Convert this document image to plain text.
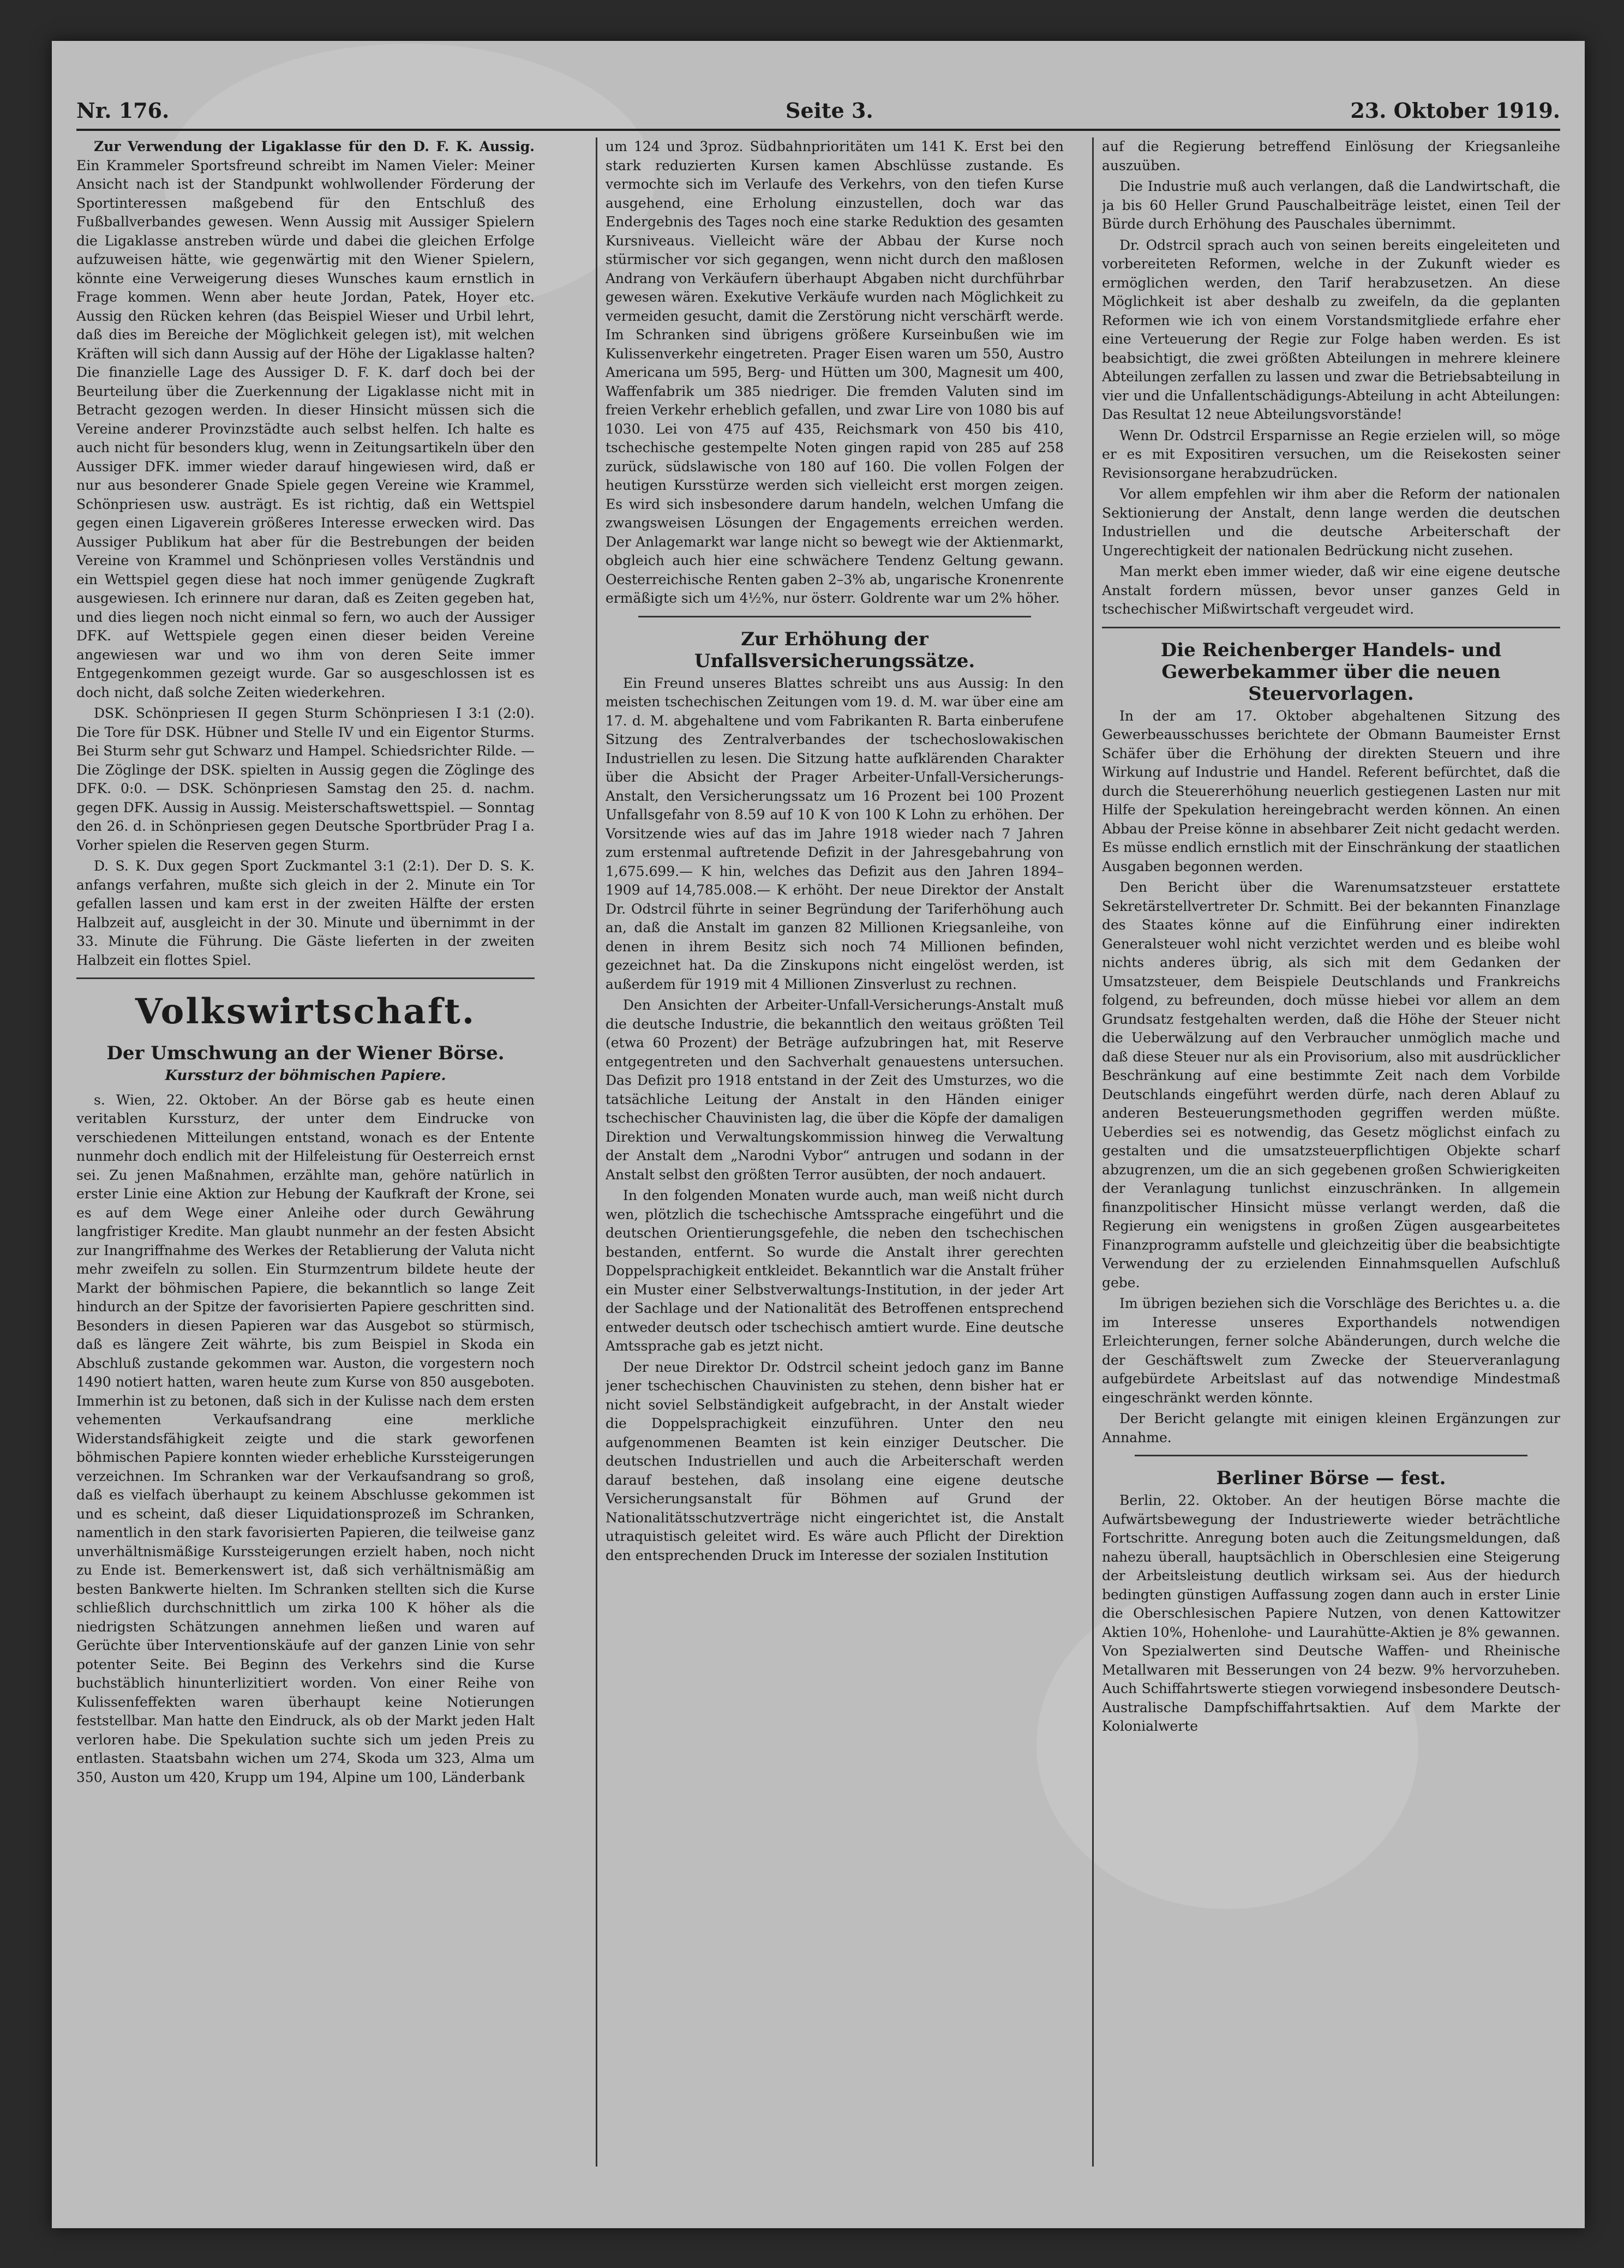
Nr. 176.	Seite 3.	23. Oktober 1919.

Zur Verwendung der Ligaklasse für den D. F. K. Aussig. Ein Krammeler Sportsfreund schreibt im Namen Vieler: Meiner Ansicht nach ist der Standpunkt wohlwollender Förderung der Sportinteressen maßgebend für den Entschluß des Fußballverbandes gewesen. Wenn Aussig mit Aussiger Spielern die Ligaklasse anstreben würde und dabei die gleichen Erfolge aufzuweisen hätte, wie gegenwärtig mit den Wiener Spielern, könnte eine Verweigerung dieses Wunsches kaum ernstlich in Frage kommen. Wenn aber heute Jordan, Patek, Hoyer etc. Aussig den Rücken kehren (das Beispiel Wieser und Urbil lehrt, daß dies im Bereiche der Möglichkeit gelegen ist), mit welchen Kräften will sich dann Aussig auf der Höhe der Ligaklasse halten? Die finanzielle Lage des Aussiger D. F. K. darf doch bei der Beurteilung über die Zuerkennung der Ligaklasse nicht mit in Betracht gezogen werden. In dieser Hinsicht müssen sich die Vereine anderer Provinzstädte auch selbst helfen. Ich halte es auch nicht für besonders klug, wenn in Zeitungsartikeln über den Aussiger DFK. immer wieder darauf hingewiesen wird, daß er nur aus besonderer Gnade Spiele gegen Vereine wie Krammel, Schönpriesen usw. austrägt. Es ist richtig, daß ein Wettspiel gegen einen Ligaverein größeres Interesse erwecken wird. Das Aussiger Publikum hat aber für die Bestrebungen der beiden Vereine von Krammel und Schönpriesen volles Verständnis und ein Wettspiel gegen diese hat noch immer genügende Zugkraft ausgewiesen. Ich erinnere nur daran, daß es Zeiten gegeben hat, und dies liegen noch nicht einmal so fern, wo auch der Aussiger DFK. auf Wettspiele gegen einen dieser beiden Vereine angewiesen war und wo ihm von deren Seite immer Entgegenkommen gezeigt wurde. Gar so ausgeschlossen ist es doch nicht, daß solche Zeiten wiederkehren.

DSK. Schönpriesen II gegen Sturm Schönpriesen I 3:1 (2:0). Die Tore für DSK. Hübner und Stelle IV und ein Eigentor Sturms. Bei Sturm sehr gut Schwarz und Hampel. Schiedsrichter Rilde. — Die Zöglinge der DSK. spielten in Aussig gegen die Zöglinge des DFK. 0:0. — DSK. Schönpriesen Samstag den 25. d. nachm. gegen DFK. Aussig in Aussig. Meisterschaftswettspiel. — Sonntag den 26. d. in Schönpriesen gegen Deutsche Sportbrüder Prag I a. Vorher spielen die Reserven gegen Sturm.

D. S. K. Dux gegen Sport Zuckmantel 3:1 (2:1). Der D. S. K. anfangs verfahren, mußte sich gleich in der 2. Minute ein Tor gefallen lassen und kam erst in der zweiten Hälfte der ersten Halbzeit auf, ausgleicht in der 30. Minute und übernimmt in der 33. Minute die Führung. Die Gäste lieferten in der zweiten Halbzeit ein flottes Spiel.

Volkswirtschaft.
Der Umschwung an der Wiener Börse.
Kurssturz der böhmischen Papiere.

s. Wien, 22. Oktober. An der Börse gab es heute einen veritablen Kurssturz, der unter dem Eindrucke von verschiedenen Mitteilungen entstand, wonach es der Entente nunmehr doch endlich mit der Hilfeleistung für Oesterreich ernst sei. Zu jenen Maßnahmen, erzählte man, gehöre natürlich in erster Linie eine Aktion zur Hebung der Kaufkraft der Krone, sei es auf dem Wege einer Anleihe oder durch Gewährung langfristiger Kredite. Man glaubt nunmehr an der festen Absicht zur Inangriffnahme des Werkes der Retablierung der Valuta nicht mehr zweifeln zu sollen. Ein Sturmzentrum bildete heute der Markt der böhmischen Papiere, die bekanntlich so lange Zeit hindurch an der Spitze der favorisierten Papiere geschritten sind. Besonders in diesen Papieren war das Ausgebot so stürmisch, daß es längere Zeit währte, bis zum Beispiel in Skoda ein Abschluß zustande gekommen war. Auston, die vorgestern noch 1490 notiert hatten, waren heute zum Kurse von 850 ausgeboten. Immerhin ist zu betonen, daß sich in der Kulisse nach dem ersten vehementen Verkaufsandrang eine merkliche Widerstandsfähigkeit zeigte und die stark geworfenen böhmischen Papiere konnten wieder erhebliche Kurssteigerungen verzeichnen. Im Schranken war der Verkaufsandrang so groß, daß es vielfach überhaupt zu keinem Abschlusse gekommen ist und es scheint, daß dieser Liquidationsprozeß im Schranken, namentlich in den stark favorisierten Papieren, die teilweise ganz unverhältnismäßige Kurssteigerungen erzielt haben, noch nicht zu Ende ist. Bemerkenswert ist, daß sich verhältnismäßig am besten Bankwerte hielten. Im Schranken stellten sich die Kurse schließlich durchschnittlich um zirka 100 K höher als die niedrigsten Schätzungen annehmen ließen und waren auf Gerüchte über Interventionskäufe auf der ganzen Linie von sehr potenter Seite. Bei Beginn des Verkehrs sind die Kurse buchstäblich hinunterlizitiert worden. Von einer Reihe von Kulissenfeffekten waren überhaupt keine Notierungen feststellbar. Man hatte den Eindruck, als ob der Markt jeden Halt verloren habe. Die Spekulation suchte sich um jeden Preis zu entlasten. Staatsbahn wichen um 274, Skoda um 323, Alma um 350, Auston um 420, Krupp um 194, Alpine um 100, Länderbank

um 124 und 3proz. Südbahnprioritäten um 141 K. Erst bei den stark reduzierten Kursen kamen Abschlüsse zustande. Es vermochte sich im Verlaufe des Verkehrs, von den tiefen Kurse ausgehend, eine Erholung einzustellen, doch war das Endergebnis des Tages noch eine starke Reduktion des gesamten Kursniveaus. Vielleicht wäre der Abbau der Kurse noch stürmischer vor sich gegangen, wenn nicht durch den maßlosen Andrang von Verkäufern überhaupt Abgaben nicht durchführbar gewesen wären. Exekutive Verkäufe wurden nach Möglichkeit zu vermeiden gesucht, damit die Zerstörung nicht verschärft werde. Im Schranken sind übrigens größere Kurseinbußen wie im Kulissenverkehr eingetreten. Prager Eisen waren um 550, Austro Americana um 595, Berg- und Hütten um 300, Magnesit um 400, Waffenfabrik um 385 niedriger. Die fremden Valuten sind im freien Verkehr erheblich gefallen, und zwar Lire von 1080 bis auf 1030. Lei von 475 auf 435, Reichsmark von 450 bis 410, tschechische gestempelte Noten gingen rapid von 285 auf 258 zurück, südslawische von 180 auf 160. Die vollen Folgen der heutigen Kursstürze werden sich vielleicht erst morgen zeigen. Es wird sich insbesondere darum handeln, welchen Umfang die zwangsweisen Lösungen der Engagements erreichen werden. Der Anlagemarkt war lange nicht so bewegt wie der Aktienmarkt, obgleich auch hier eine schwächere Tendenz Geltung gewann. Oesterreichische Renten gaben 2–3% ab, ungarische Kronenrente ermäßigte sich um 4½%, nur österr. Goldrente war um 2% höher.

Zur Erhöhung der Unfallsversicherungssätze.

Ein Freund unseres Blattes schreibt uns aus Aussig: In den meisten tschechischen Zeitungen vom 19. d. M. war über eine am 17. d. M. abgehaltene und vom Fabrikanten R. Barta einberufene Sitzung des Zentralverbandes der tschechoslowakischen Industriellen zu lesen. Die Sitzung hatte aufklärenden Charakter über die Absicht der Prager Arbeiter-Unfall-Versicherungs-Anstalt, den Versicherungssatz um 16 Prozent bei 100 Prozent Unfallsgefahr von 8.59 auf 10 K von 100 K Lohn zu erhöhen. Der Vorsitzende wies auf das im Jahre 1918 wieder nach 7 Jahren zum erstenmal auftretende Defizit in der Jahresgebahrung von 1,675.699.— K hin, welches das Defizit aus den Jahren 1894–1909 auf 14,785.008.— K erhöht. Der neue Direktor der Anstalt Dr. Odstrcil führte in seiner Begründung der Tariferhöhung auch an, daß die Anstalt im ganzen 82 Millionen Kriegsanleihe, von denen in ihrem Besitz sich noch 74 Millionen befinden, gezeichnet hat. Da die Zinskupons nicht eingelöst werden, ist außerdem für 1919 mit 4 Millionen Zinsverlust zu rechnen.

Den Ansichten der Arbeiter-Unfall-Versicherungs-Anstalt muß die deutsche Industrie, die bekanntlich den weitaus größten Teil (etwa 60 Prozent) der Beträge aufzubringen hat, mit Reserve entgegentreten und den Sachverhalt genauestens untersuchen. Das Defizit pro 1918 entstand in der Zeit des Umsturzes, wo die tatsächliche Leitung der Anstalt in den Händen einiger tschechischer Chauvinisten lag, die über die Köpfe der damaligen Direktion und Verwaltungskommission hinweg die Verwaltung der Anstalt dem „Narodni Vybor“ antrugen und sodann in der Anstalt selbst den größten Terror ausübten, der noch andauert.

In den folgenden Monaten wurde auch, man weiß nicht durch wen, plötzlich die tschechische Amtssprache eingeführt und die deutschen Orientierungsgefehle, die neben den tschechischen bestanden, entfernt. So wurde die Anstalt ihrer gerechten Doppelsprachigkeit entkleidet. Bekanntlich war die Anstalt früher ein Muster einer Selbstverwaltungs-Institution, in der jeder Art der Sachlage und der Nationalität des Betroffenen entsprechend entweder deutsch oder tschechisch amtiert wurde. Eine deutsche Amtssprache gab es jetzt nicht.

Der neue Direktor Dr. Odstrcil scheint jedoch ganz im Banne jener tschechischen Chauvinisten zu stehen, denn bisher hat er nicht soviel Selbständigkeit aufgebracht, in der Anstalt wieder die Doppelsprachigkeit einzuführen. Unter den neu aufgenommenen Beamten ist kein einziger Deutscher. Die deutschen Industriellen und auch die Arbeiterschaft werden darauf bestehen, daß insolang eine eigene deutsche Versicherungsanstalt für Böhmen auf Grund der Nationalitätsschutzverträge nicht eingerichtet ist, die Anstalt utraquistisch geleitet wird. Es wäre auch Pflicht der Direktion den entsprechenden Druck im Interesse der sozialen Institution

auf die Regierung betreffend Einlösung der Kriegsanleihe auszuüben.

Die Industrie muß auch verlangen, daß die Landwirtschaft, die ja bis 60 Heller Grund Pauschalbeiträge leistet, einen Teil der Bürde durch Erhöhung des Pauschales übernimmt.

Dr. Odstrcil sprach auch von seinen bereits eingeleiteten und vorbereiteten Reformen, welche in der Zukunft wieder es ermöglichen werden, den Tarif herabzusetzen. An diese Möglichkeit ist aber deshalb zu zweifeln, da die geplanten Reformen wie ich von einem Vorstandsmitgliede erfahre eher eine Verteuerung der Regie zur Folge haben werden. Es ist beabsichtigt, die zwei größten Abteilungen in mehrere kleinere Abteilungen zerfallen zu lassen und zwar die Betriebsabteilung in vier und die Unfallentschädigungs-Abteilung in acht Abteilungen: Das Resultat 12 neue Abteilungsvorstände!

Wenn Dr. Odstrcil Ersparnisse an Regie erzielen will, so möge er es mit Expositiren versuchen, um die Reisekosten seiner Revisionsorgane herabzudrücken.

Vor allem empfehlen wir ihm aber die Reform der nationalen Sektionierung der Anstalt, denn lange werden die deutschen Industriellen und die deutsche Arbeiterschaft der Ungerechtigkeit der nationalen Bedrückung nicht zusehen.

Man merkt eben immer wieder, daß wir eine eigene deutsche Anstalt fordern müssen, bevor unser ganzes Geld in tschechischer Mißwirtschaft vergeudet wird.

Die Reichenberger Handels- und Gewerbekammer über die neuen Steuervorlagen.

In der am 17. Oktober abgehaltenen Sitzung des Gewerbeausschusses berichtete der Obmann Baumeister Ernst Schäfer über die Erhöhung der direkten Steuern und ihre Wirkung auf Industrie und Handel. Referent befürchtet, daß die durch die Steuererhöhung neuerlich gestiegenen Lasten nur mit Hilfe der Spekulation hereingebracht werden können. An einen Abbau der Preise könne in absehbarer Zeit nicht gedacht werden. Es müsse endlich ernstlich mit der Einschränkung der staatlichen Ausgaben begonnen werden.

Den Bericht über die Warenumsatzsteuer erstattete Sekretärstellvertreter Dr. Schmitt. Bei der bekannten Finanzlage des Staates könne auf die Einführung einer indirekten Generalsteuer wohl nicht verzichtet werden und es bleibe wohl nichts anderes übrig, als sich mit dem Gedanken der Umsatzsteuer, dem Beispiele Deutschlands und Frankreichs folgend, zu befreunden, doch müsse hiebei vor allem an dem Grundsatz festgehalten werden, daß die Höhe der Steuer nicht die Ueberwälzung auf den Verbraucher unmöglich mache und daß diese Steuer nur als ein Provisorium, also mit ausdrücklicher Beschränkung auf eine bestimmte Zeit nach dem Vorbilde Deutschlands eingeführt werden dürfe, nach deren Ablauf zu anderen Besteuerungsmethoden gegriffen werden müßte. Ueberdies sei es notwendig, das Gesetz möglichst einfach zu gestalten und die umsatzsteuerpflichtigen Objekte scharf abzugrenzen, um die an sich gegebenen großen Schwierigkeiten der Veranlagung tunlichst einzuschränken. In allgemein finanzpolitischer Hinsicht müsse verlangt werden, daß die Regierung ein wenigstens in großen Zügen ausgearbeitetes Finanzprogramm aufstelle und gleichzeitig über die beabsichtigte Verwendung der zu erzielenden Einnahmsquellen Aufschluß gebe.

Im übrigen beziehen sich die Vorschläge des Berichtes u. a. die im Interesse unseres Exporthandels notwendigen Erleichterungen, ferner solche Abänderungen, durch welche die der Geschäftswelt zum Zwecke der Steuerveranlagung aufgebürdete Arbeitslast auf das notwendige Mindestmaß eingeschränkt werden könnte.

Der Bericht gelangte mit einigen kleinen Ergänzungen zur Annahme.

Berliner Börse — fest.

Berlin, 22. Oktober. An der heutigen Börse machte die Aufwärtsbewegung der Industriewerte wieder beträchtliche Fortschritte. Anregung boten auch die Zeitungsmeldungen, daß nahezu überall, hauptsächlich in Oberschlesien eine Steigerung der Arbeitsleistung deutlich wirksam sei. Aus der hiedurch bedingten günstigen Auffassung zogen dann auch in erster Linie die Oberschlesischen Papiere Nutzen, von denen Kattowitzer Aktien 10%, Hohenlohe- und Laurahütte-Aktien je 8% gewannen. Von Spezialwerten sind Deutsche Waffen- und Rheinische Metallwaren mit Besserungen von 24 bezw. 9% hervorzuheben. Auch Schiffahrtswerte stiegen vorwiegend insbesondere Deutsch-Australische Dampfschiffahrtsaktien. Auf dem Markte der Kolonialwerte
